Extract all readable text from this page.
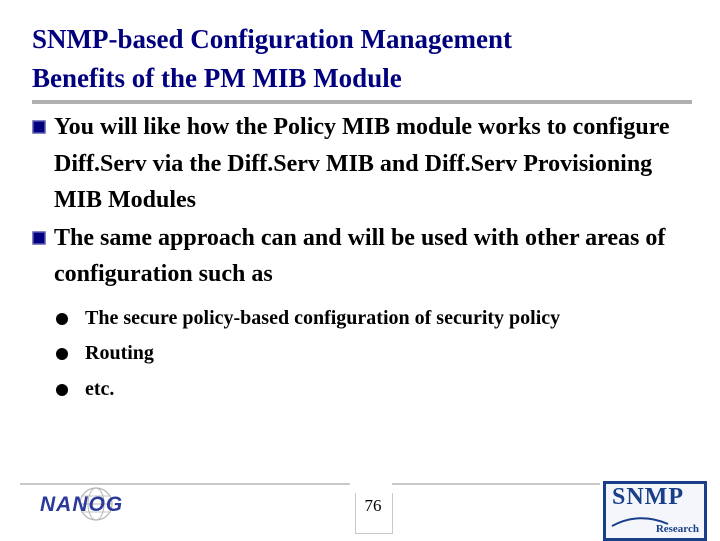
SNMP-based Configuration Management
Benefits of the PM MIB Module
You will like how the Policy MIB module works to configure Diff.Serv via the Diff.Serv MIB and Diff.Serv Provisioning MIB Modules
The same approach can and will be used with other areas of configuration such as
The secure policy-based configuration of security policy
Routing
etc.
NANOG	76	SNMP
Research
